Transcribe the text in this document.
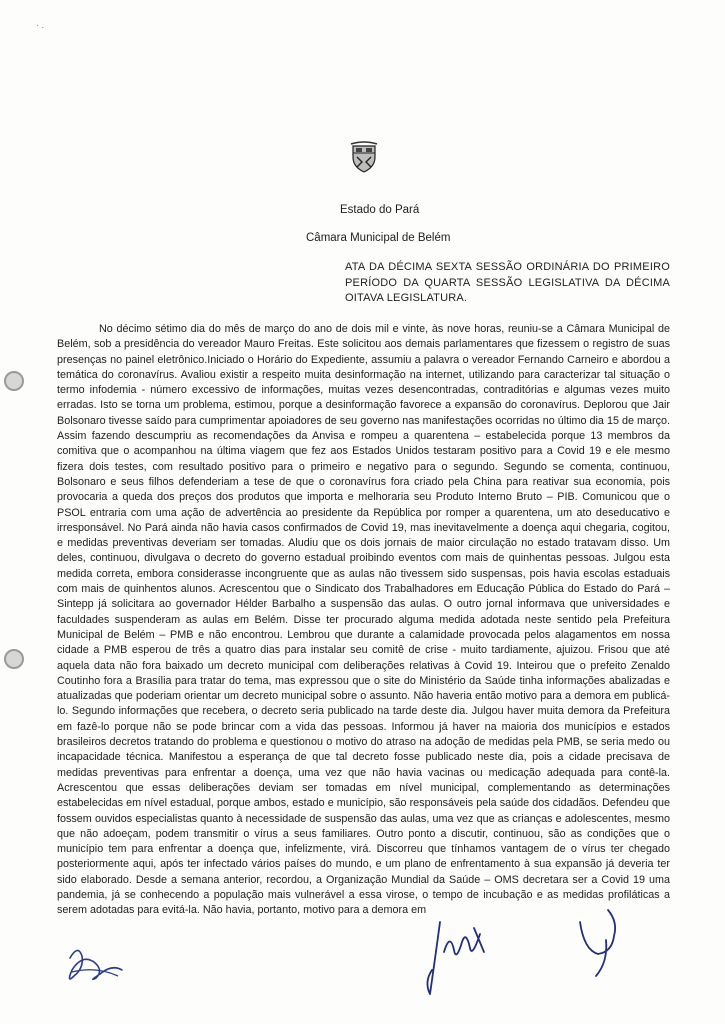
·.
Estado do Pará
Câmara Municipal de Belém
ATA DA DÉCIMA SEXTA SESSÃO ORDINÁRIA DO PRIMEIRO PERÍODO DA QUARTA SESSÃO LEGISLATIVA DA DÉCIMA OITAVA LEGISLATURA.

No décimo sétimo dia do mês de março do ano de dois mil e vinte, às nove horas, reuniu-se a Câmara Municipal de Belém, sob a presidência do vereador Mauro Freitas. Este solicitou aos demais parlamentares que fizessem o registro de suas presenças no painel eletrônico.Iniciado o Horário do Expediente, assumiu a palavra o vereador Fernando Carneiro e abordou a temática do coronavírus. Avaliou existir a respeito muita desinformação na internet, utilizando para caracterizar tal situação o termo infodemia - número excessivo de informações, muitas vezes desencontradas, contraditórias e algumas vezes muito erradas. Isto se torna um problema, estimou, porque a desinformação favorece a expansão do coronavírus. Deplorou que Jair Bolsonaro tivesse saído para cumprimentar apoiadores de seu governo nas manifestações ocorridas no último dia 15 de março. Assim fazendo descumpriu as recomendações da Anvisa e rompeu a quarentena – estabelecida porque 13 membros da comitiva que o acompanhou na última viagem que fez aos Estados Unidos testaram positivo para a Covid 19 e ele mesmo fizera dois testes, com resultado positivo para o primeiro e negativo para o segundo. Segundo se comenta, continuou, Bolsonaro e seus filhos defenderiam a tese de que o coronavírus fora criado pela China para reativar sua economia, pois provocaria a queda dos preços dos produtos que importa e melhoraria seu Produto Interno Bruto – PIB. Comunicou que o PSOL entraria com uma ação de advertência ao presidente da República por romper a quarentena, um ato deseducativo e irresponsável. No Pará ainda não havia casos confirmados de Covid 19, mas inevitavelmente a doença aqui chegaria, cogitou, e medidas preventivas deveriam ser tomadas. Aludiu que os dois jornais de maior circulação no estado tratavam disso. Um deles, continuou, divulgava o decreto do governo estadual proibindo eventos com mais de quinhentas pessoas. Julgou esta medida correta, embora considerasse incongruente que as aulas não tivessem sido suspensas, pois havia escolas estaduais com mais de quinhentos alunos. Acrescentou que o Sindicato dos Trabalhadores em Educação Pública do Estado do Pará – Sintepp já solicitara ao governador Hélder Barbalho a suspensão das aulas. O outro jornal informava que universidades e faculdades suspenderam as aulas em Belém. Disse ter procurado alguma medida adotada neste sentido pela Prefeitura Municipal de Belém – PMB e não encontrou. Lembrou que durante a calamidade provocada pelos alagamentos em nossa cidade a PMB esperou de três a quatro dias para instalar seu comitê de crise - muito tardiamente, ajuizou. Frisou que até aquela data não fora baixado um decreto municipal com deliberações relativas à Covid 19. Inteirou que o prefeito Zenaldo Coutinho fora a Brasília para tratar do tema, mas expressou que o site do Ministério da Saúde tinha informações abalizadas e atualizadas que poderiam orientar um decreto municipal sobre o assunto. Não haveria então motivo para a demora em publicá-lo. Segundo informações que recebera, o decreto seria publicado na tarde deste dia. Julgou haver muita demora da Prefeitura em fazê-lo porque não se pode brincar com a vida das pessoas. Informou já haver na maioria dos municípios e estados brasileiros decretos tratando do problema e questionou o motivo do atraso na adoção de medidas pela PMB, se seria medo ou incapacidade técnica. Manifestou a esperança de que tal decreto fosse publicado neste dia, pois a cidade precisava de medidas preventivas para enfrentar a doença, uma vez que não havia vacinas ou medicação adequada para contê-la. Acrescentou que essas deliberações deviam ser tomadas em nível municipal, complementando as determinações estabelecidas em nível estadual, porque ambos, estado e município, são responsáveis pela saúde dos cidadãos. Defendeu que fossem ouvidos especialistas quanto à necessidade de suspensão das aulas, uma vez que as crianças e adolescentes, mesmo que não adoeçam, podem transmitir o vírus a seus familiares. Outro ponto a discutir, continuou, são as condições que o município tem para enfrentar a doença que, infelizmente, virá. Discorreu que tínhamos vantagem de o vírus ter chegado posteriormente aqui, após ter infectado vários países do mundo, e um plano de enfrentamento à sua expansão já deveria ter sido elaborado. Desde a semana anterior, recordou, a Organização Mundial da Saúde – OMS decretara ser a Covid 19 uma pandemia, já se conhecendo a população mais vulnerável a essa virose, o tempo de incubação e as medidas profiláticas a serem adotadas para evitá-la. Não havia, portanto, motivo para a demora em
